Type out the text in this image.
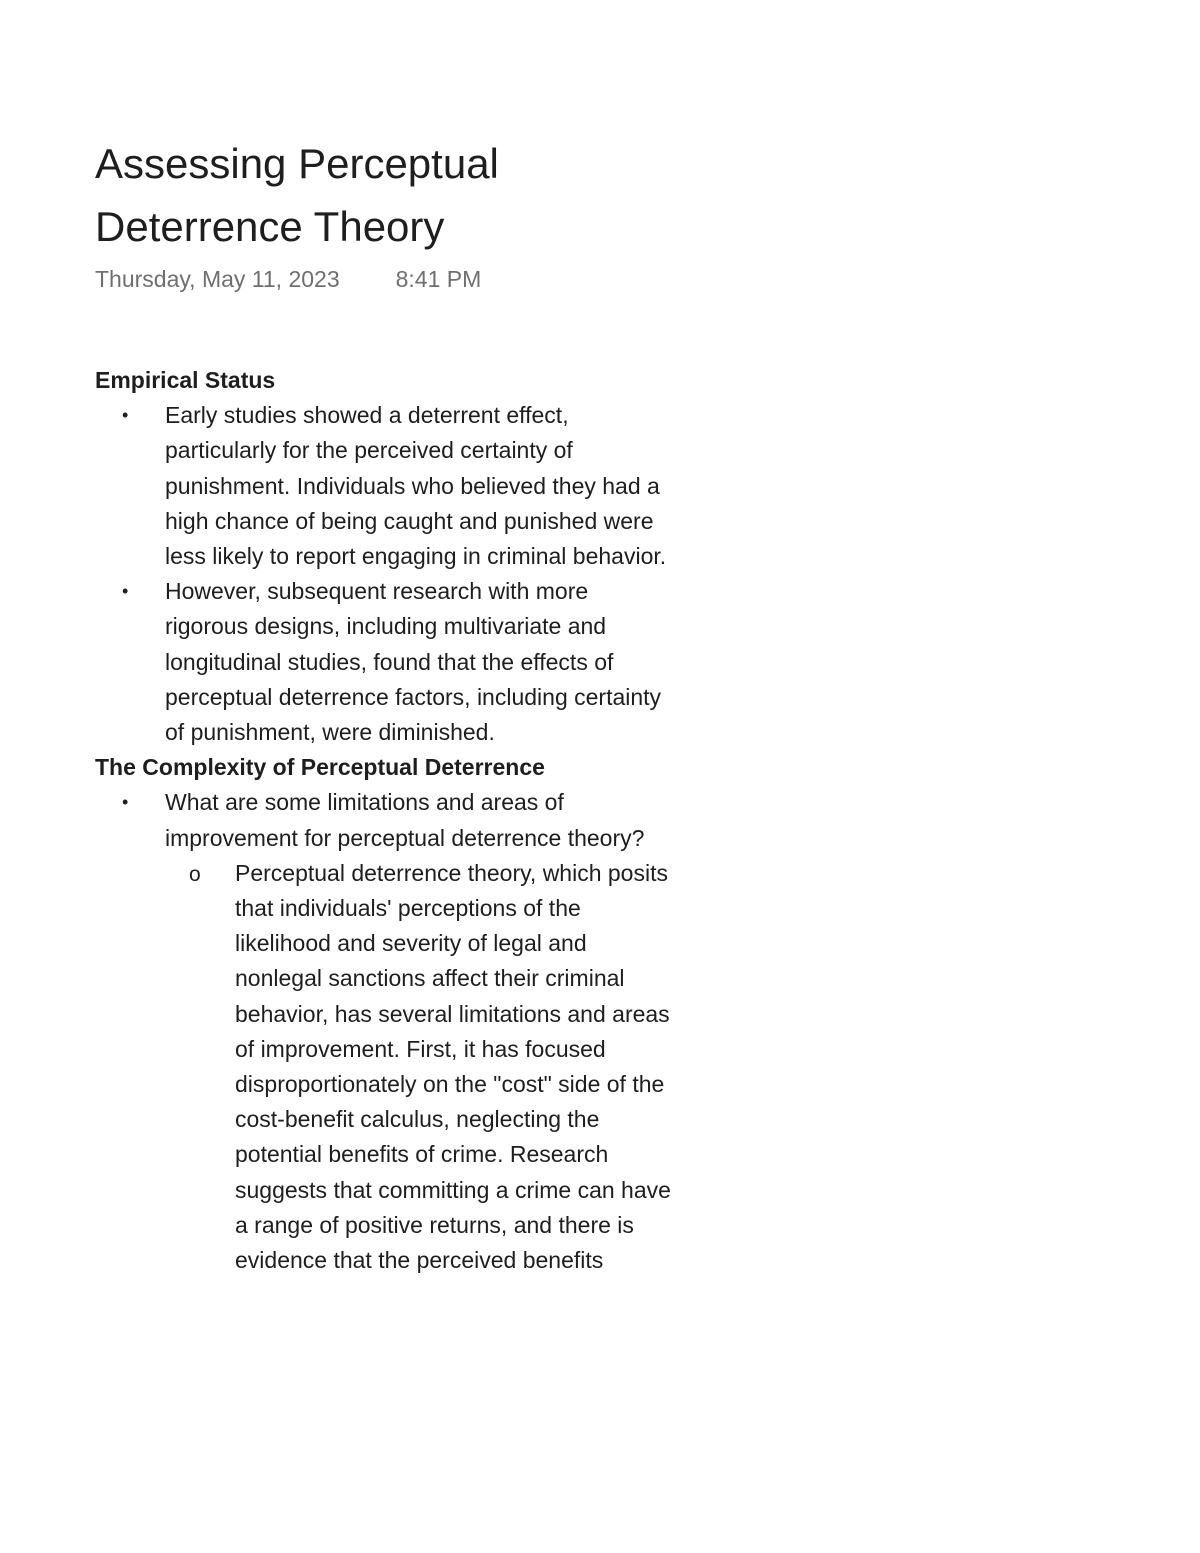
Assessing Perceptual Deterrence Theory
Thursday, May 11, 2023 8:41 PM

Empirical Status

• Early studies showed a deterrent effect, particularly for the perceived certainty of punishment. Individuals who believed they had a high chance of being caught and punished were less likely to report engaging in criminal behavior.
• However, subsequent research with more rigorous designs, including multivariate and longitudinal studies, found that the effects of perceptual deterrence factors, including certainty of punishment, were diminished.

The Complexity of Perceptual Deterrence

• What are some limitations and areas of improvement for perceptual deterrence theory?
o Perceptual deterrence theory, which posits that individuals' perceptions of the likelihood and severity of legal and nonlegal sanctions affect their criminal behavior, has several limitations and areas of improvement. First, it has focused disproportionately on the "cost" side of the cost-benefit calculus, neglecting the potential benefits of crime. Research suggests that committing a crime can have a range of positive returns, and there is evidence that the perceived benefits
